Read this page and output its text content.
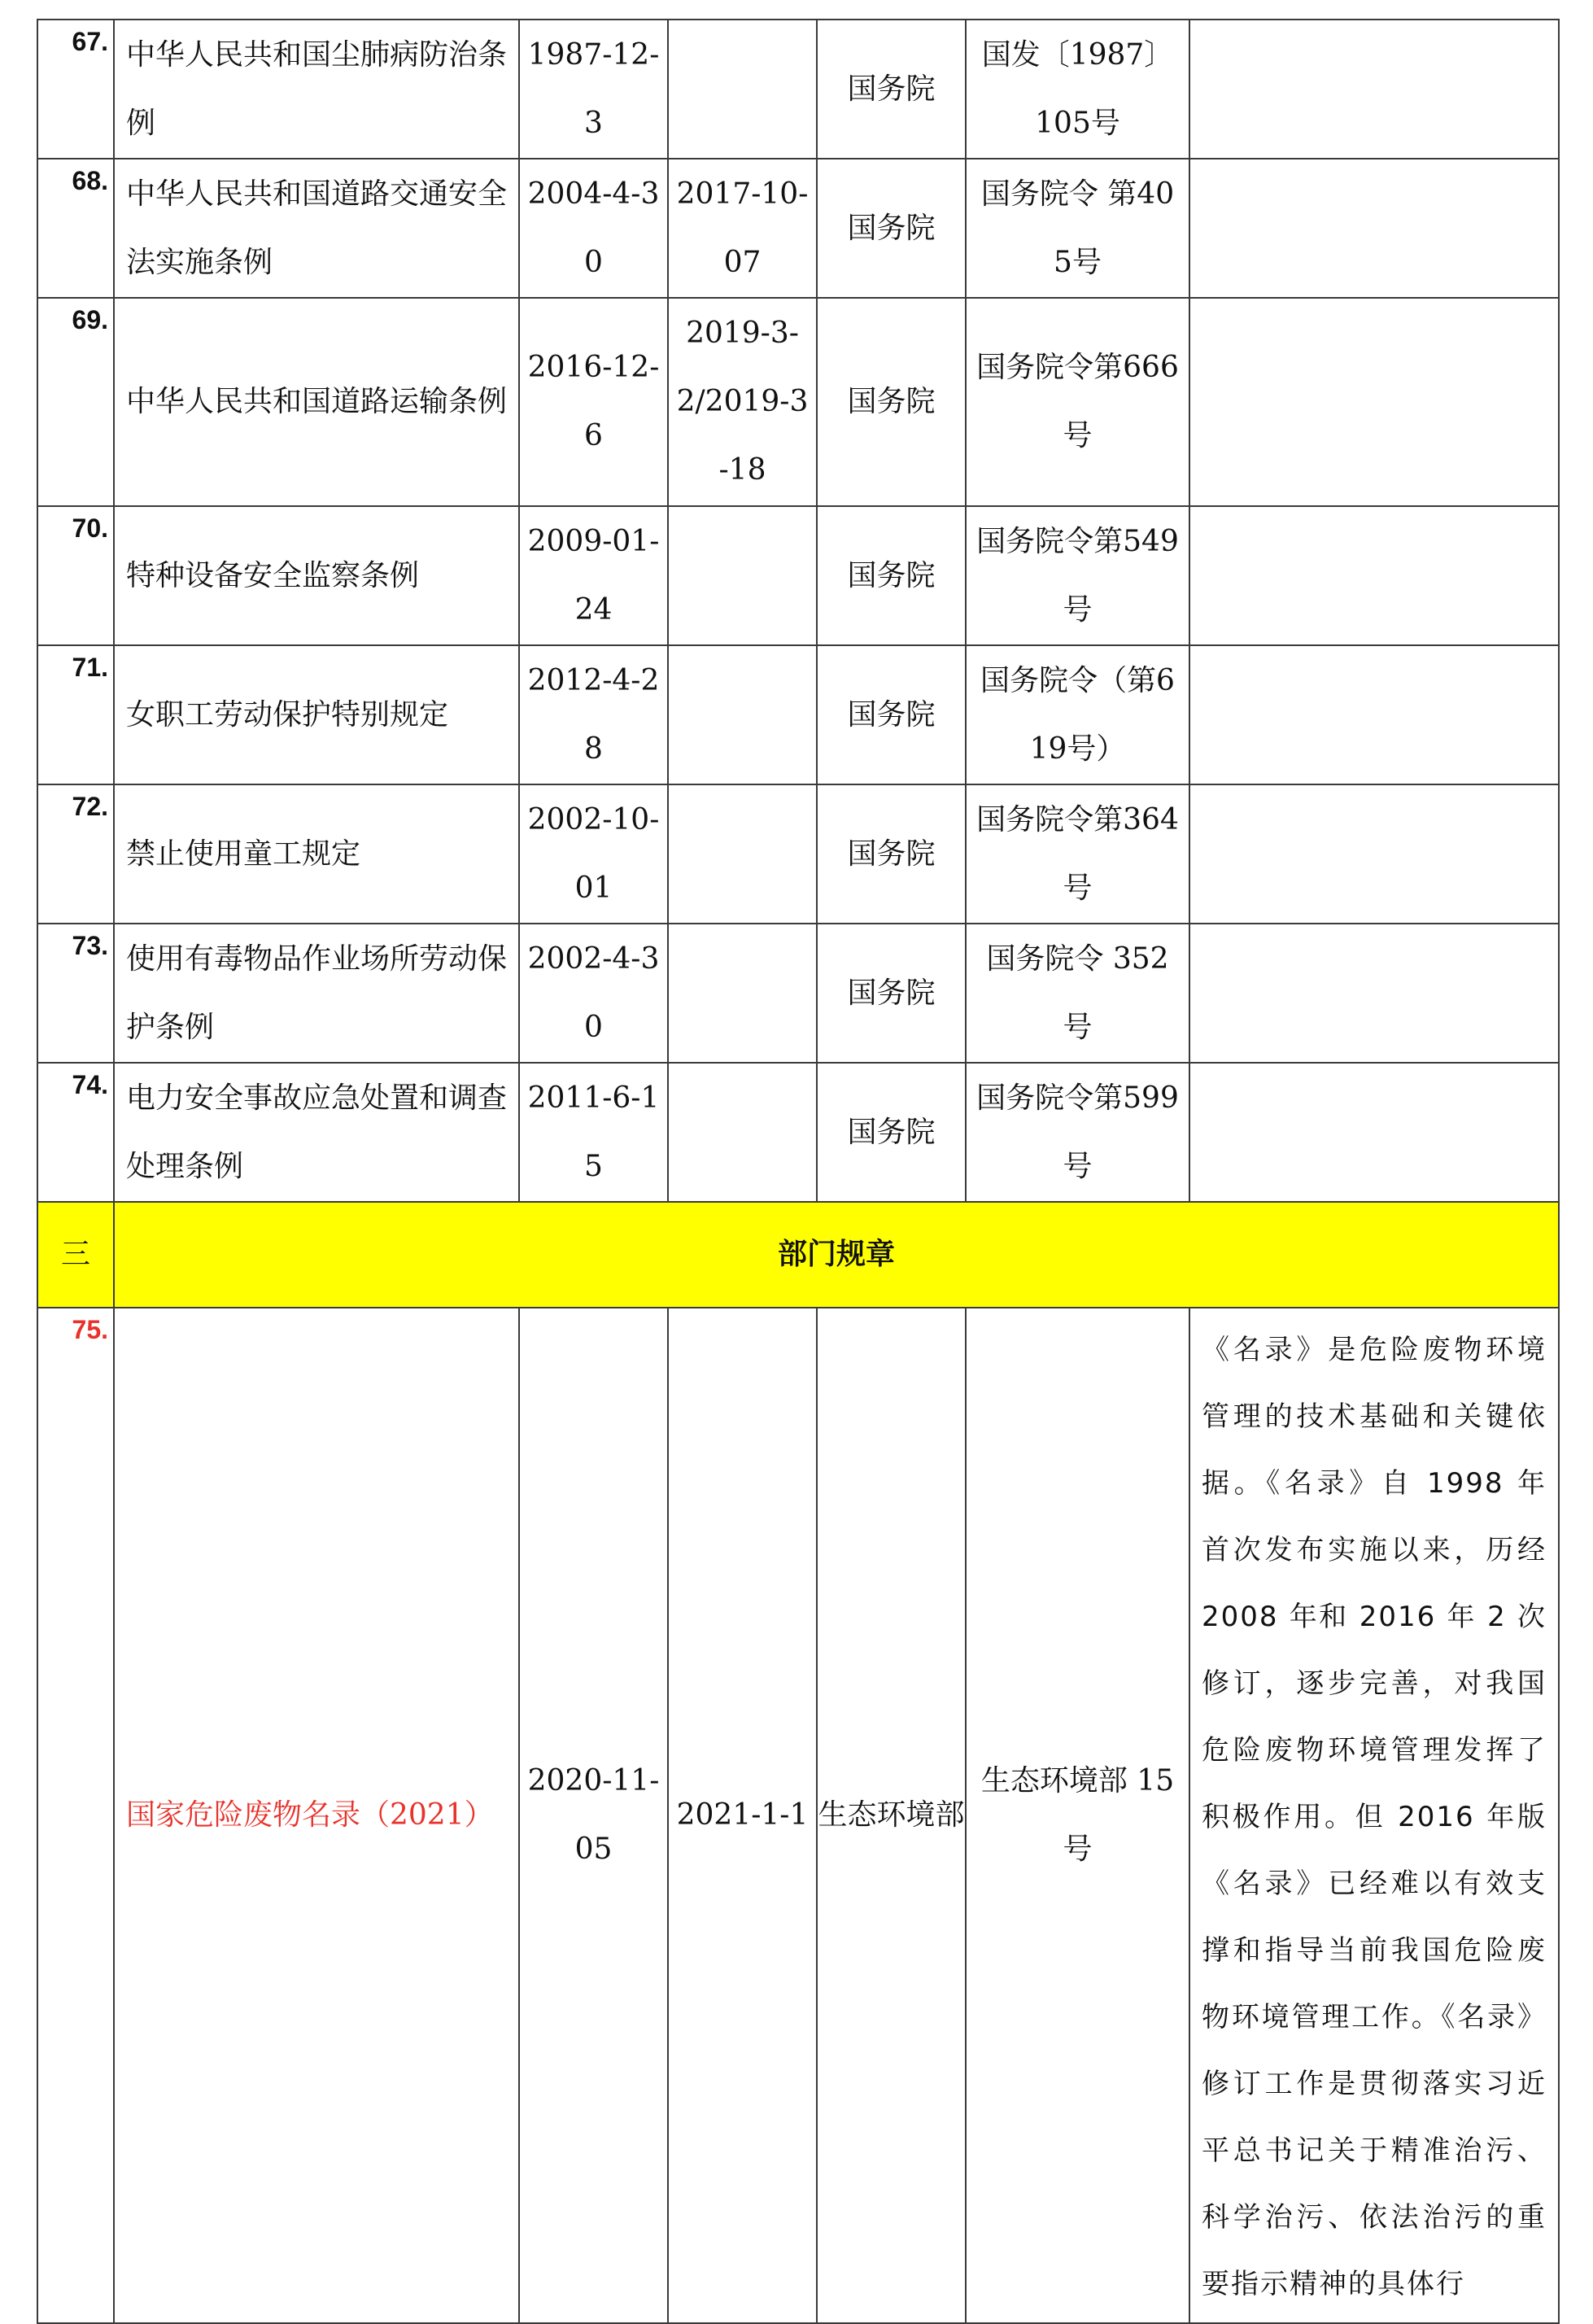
67.	中华人民共和国尘肺病防治条例	1987-12-3		国务院	国发〔1987〕105号	
68.	中华人民共和国道路交通安全法实施条例	2004-4-30	2017-10-07	国务院	国务院令 第405号	
69.	中华人民共和国道路运输条例	2016-12-6	2019-3-2/2019-3-18	国务院	国务院令第666号	
70.	特种设备安全监察条例	2009-01-24		国务院	国务院令第549号	
71.	女职工劳动保护特别规定	2012-4-28		国务院	国务院令（第619号）	
72.	禁止使用童工规定	2002-10-01		国务院	国务院令第364号	
73.	使用有毒物品作业场所劳动保护条例	2002-4-30		国务院	国务院令 352号	
74.	电力安全事故应急处置和调查处理条例	2011-6-15		国务院	国务院令第599号	
三	部门规章					
75.	国家危险废物名录（2021）	2020-11-05	2021-1-1	生态环境部	生态环境部 15号	《名录》是危险废物环境管理的技术基础和关键依据。《名录》自 1998 年首次发布实施以来，历经 2008 年和 2016 年 2 次修订，逐步完善，对我国危险废物环境管理发挥了积极作用。但 2016 年版《名录》已经难以有效支撑和指导当前我国危险废物环境管理工作。《名录》修订工作是贯彻落实习近平总书记关于精准治污、科学治污、依法治污的重要指示精神的具体行
